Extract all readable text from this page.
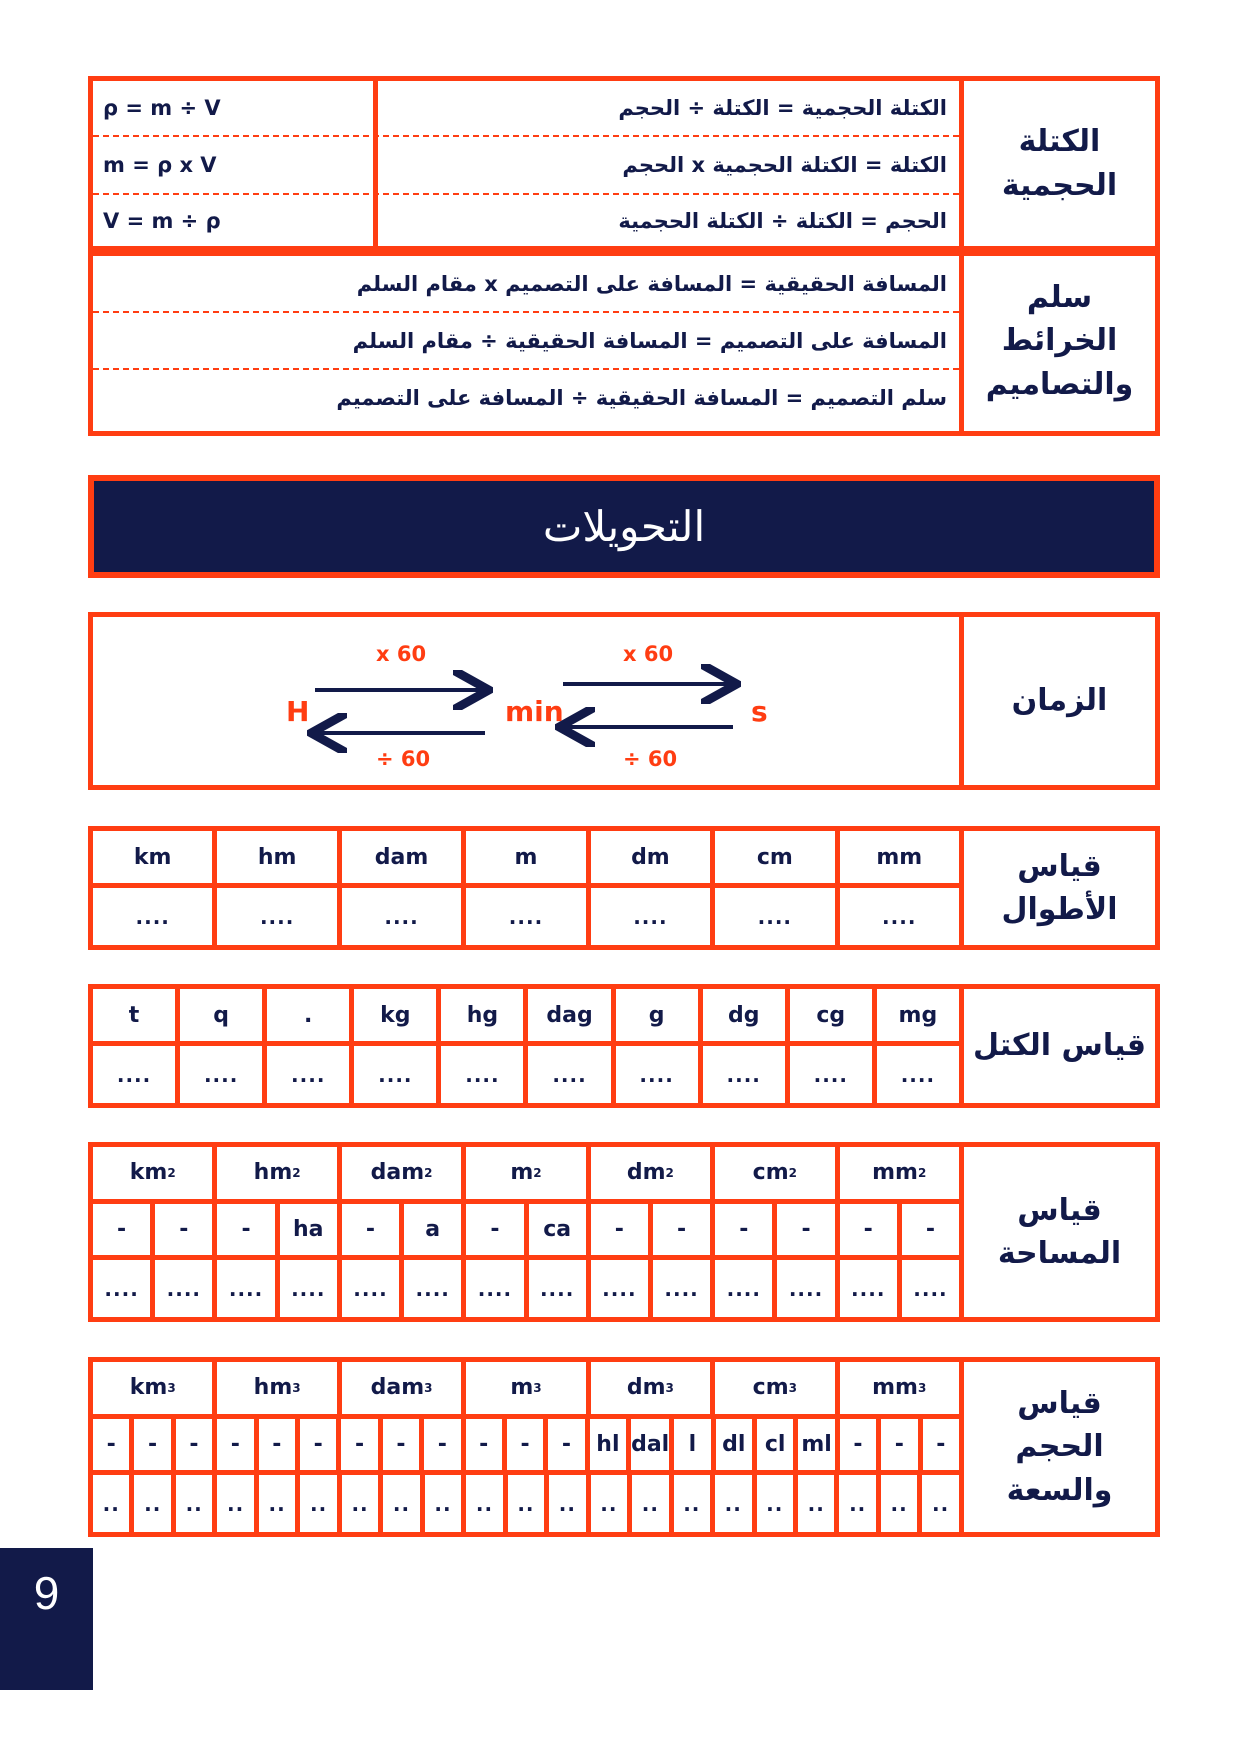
ρ = m ÷ V	الكتلة الحجمية = الكتلة ÷ الحجم
m = ρ x V	الكتلة = الكتلة الحجمية x الحجم
V = m ÷ ρ	الحجم = الكتلة ÷ الكتلة الحجمية
الكتلة الحجمية
المسافة الحقيقية = المسافة على التصميم x مقام السلم
المسافة على التصميم = المسافة الحقيقية ÷ مقام السلم
سلم التصميم = المسافة الحقيقية ÷ المسافة على التصميم
سلم الخرائط والتصاميم
التحويلات
H	min	s
x 60	x 60
÷ 60	÷ 60
الزمان
km	hm	dam	m	dm	cm	mm
....	....	....	....	....	....	....
قياس الأطوال
t	q	.	kg	hg dag	g	dg	cg mg
....	....	....	....	....	....	....	....	....	....
قياس الكتل
km 2	hm 2	dam 2	m 2	dm 2	cm 2	mm 2
- - - ha - a - ca - - - - - -
.... .... .... .... .... .... .... .... .... .... .... .... .... ....
قياس المساحة
km 3	hm 3	dam 3	m 3	dm 3	cm 3	mm 3
- - - - - - - - - - - - hl dal l dl cl ml - - -
.. .. .. .. .. .. .. .. .. .. .. .. .. .. .. .. .. .. .. .. ..
قياس الحجم والسعة
9
